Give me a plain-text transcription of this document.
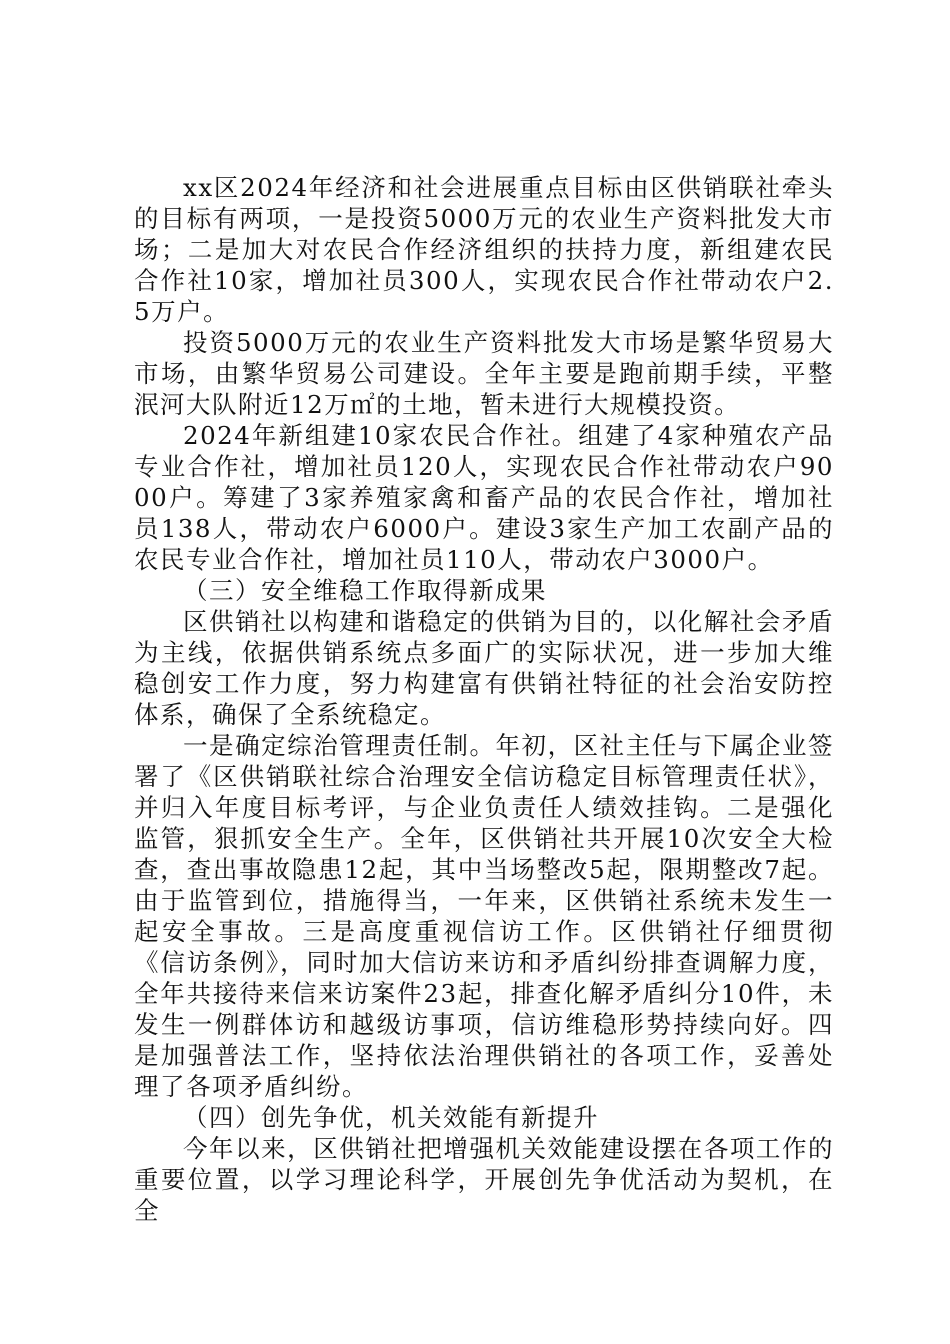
xx区2024年经济和社会进展重点目标由区供销联社牵头的目标有两项，一是投资5000万元的农业生产资料批发大市场；二是加大对农民合作经济组织的扶持力度，新组建农民合作社10家，增加社员300人，实现农民合作社带动农户2.5万户。

投资5000万元的农业生产资料批发大市场是繁华贸易大市场，由繁华贸易公司建设。全年主要是跑前期手续，平整泯河大队附近12万㎡的土地，暂未进行大规模投资。

2024年新组建10家农民合作社。组建了4家种殖农产品专业合作社，增加社员120人，实现农民合作社带动农户9000户。筹建了3家养殖家禽和畜产品的农民合作社，增加社员138人，带动农户6000户。建设3家生产加工农副产品的农民专业合作社，增加社员110人，带动农户3000户。

（三）安全维稳工作取得新成果

区供销社以构建和谐稳定的供销为目的，以化解社会矛盾为主线，依据供销系统点多面广的实际状况，进一步加大维稳创安工作力度，努力构建富有供销社特征的社会治安防控体系，确保了全系统稳定。

一是确定综治管理责任制。年初，区社主任与下属企业签署了《区供销联社综合治理安全信访稳定目标管理责任状》，并归入年度目标考评，与企业负责任人绩效挂钩。二是强化监管，狠抓安全生产。全年，区供销社共开展10次安全大检查，查出事故隐患12起，其中当场整改5起，限期整改7起。由于监管到位，措施得当，一年来，区供销社系统未发生一起安全事故。三是高度重视信访工作。区供销社仔细贯彻《信访条例》，同时加大信访来访和矛盾纠纷排查调解力度，全年共接待来信来访案件23起，排查化解矛盾纠分10件，未发生一例群体访和越级访事项，信访维稳形势持续向好。四是加强普法工作，坚持依法治理供销社的各项工作，妥善处理了各项矛盾纠纷。

（四）创先争优，机关效能有新提升

今年以来，区供销社把增强机关效能建设摆在各项工作的重要位置，以学习理论科学，开展创先争优活动为契机，在全
